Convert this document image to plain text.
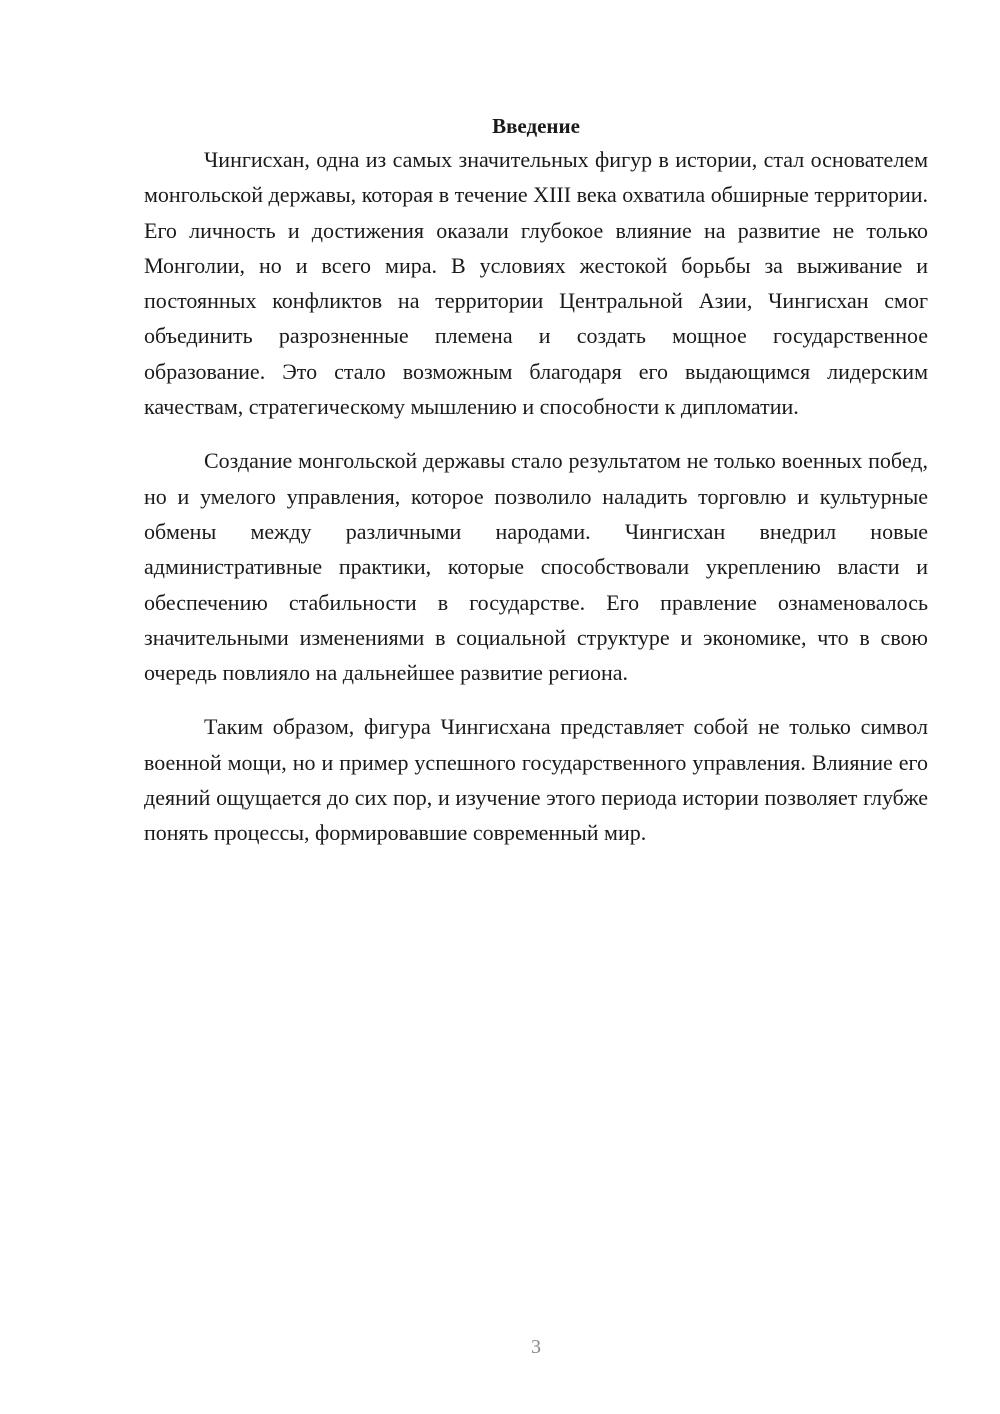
Введение

Чингисхан, одна из самых значительных фигур в истории, стал основателем монгольской державы, которая в течение XIII века охватила обширные территории. Его личность и достижения оказали глубокое влияние на развитие не только Монголии, но и всего мира. В условиях жестокой борьбы за выживание и постоянных конфликтов на территории Центральной Азии, Чингисхан смог объединить разрозненные племена и создать мощное государственное образование. Это стало возможным благодаря его выдающимся лидерским качествам, стратегическому мышлению и способности к дипломатии.

Создание монгольской державы стало результатом не только военных побед, но и умелого управления, которое позволило наладить торговлю и культурные обмены между различными народами. Чингисхан внедрил новые административные практики, которые способствовали укреплению власти и обеспечению стабильности в государстве. Его правление ознаменовалось значительными изменениями в социальной структуре и экономике, что в свою очередь повлияло на дальнейшее развитие региона.

Таким образом, фигура Чингисхана представляет собой не только символ военной мощи, но и пример успешного государственного управления. Влияние его деяний ощущается до сих пор, и изучение этого периода истории позволяет глубже понять процессы, формировавшие современный мир.

3
